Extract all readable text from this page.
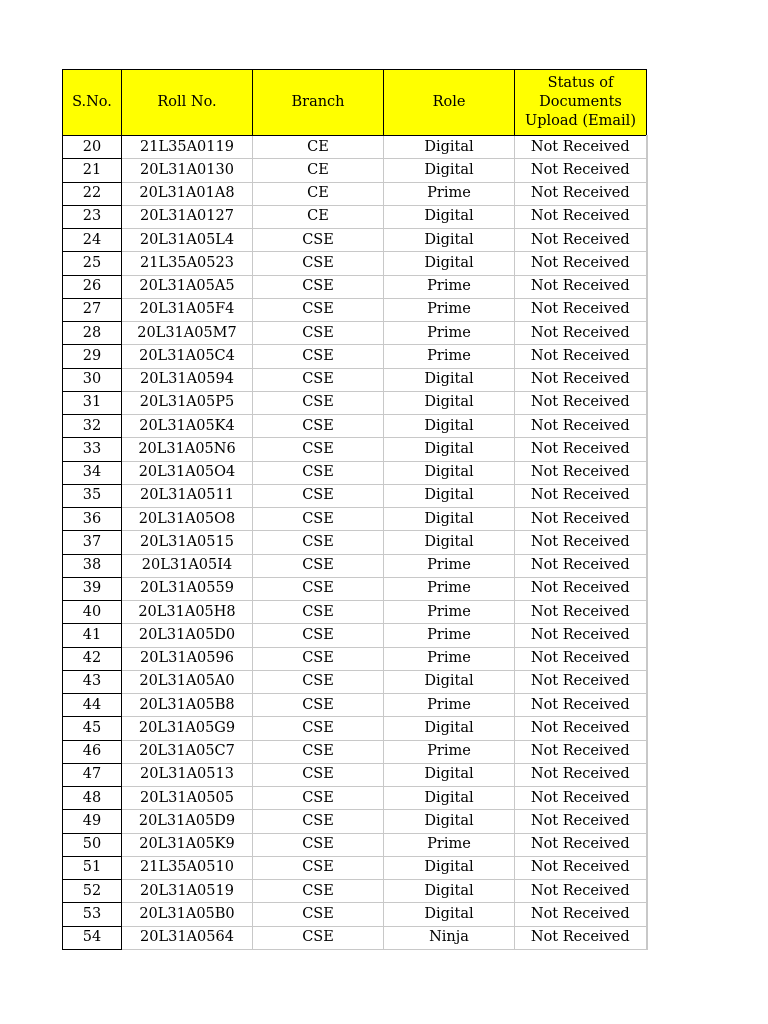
S.No.	Roll No.	Branch	Role	Status of Documents Upload (Email)
20	21L35A0119	CE	Digital	Not Received
21	20L31A0130	CE	Digital	Not Received
22	20L31A01A8	CE	Prime	Not Received
23	20L31A0127	CE	Digital	Not Received
24	20L31A05L4	CSE	Digital	Not Received
25	21L35A0523	CSE	Digital	Not Received
26	20L31A05A5	CSE	Prime	Not Received
27	20L31A05F4	CSE	Prime	Not Received
28	20L31A05M7	CSE	Prime	Not Received
29	20L31A05C4	CSE	Prime	Not Received
30	20L31A0594	CSE	Digital	Not Received
31	20L31A05P5	CSE	Digital	Not Received
32	20L31A05K4	CSE	Digital	Not Received
33	20L31A05N6	CSE	Digital	Not Received
34	20L31A05O4	CSE	Digital	Not Received
35	20L31A0511	CSE	Digital	Not Received
36	20L31A05O8	CSE	Digital	Not Received
37	20L31A0515	CSE	Digital	Not Received
38	20L31A05I4	CSE	Prime	Not Received
39	20L31A0559	CSE	Prime	Not Received
40	20L31A05H8	CSE	Prime	Not Received
41	20L31A05D0	CSE	Prime	Not Received
42	20L31A0596	CSE	Prime	Not Received
43	20L31A05A0	CSE	Digital	Not Received
44	20L31A05B8	CSE	Prime	Not Received
45	20L31A05G9	CSE	Digital	Not Received
46	20L31A05C7	CSE	Prime	Not Received
47	20L31A0513	CSE	Digital	Not Received
48	20L31A0505	CSE	Digital	Not Received
49	20L31A05D9	CSE	Digital	Not Received
50	20L31A05K9	CSE	Prime	Not Received
51	21L35A0510	CSE	Digital	Not Received
52	20L31A0519	CSE	Digital	Not Received
53	20L31A05B0	CSE	Digital	Not Received
54	20L31A0564	CSE	Ninja	Not Received
